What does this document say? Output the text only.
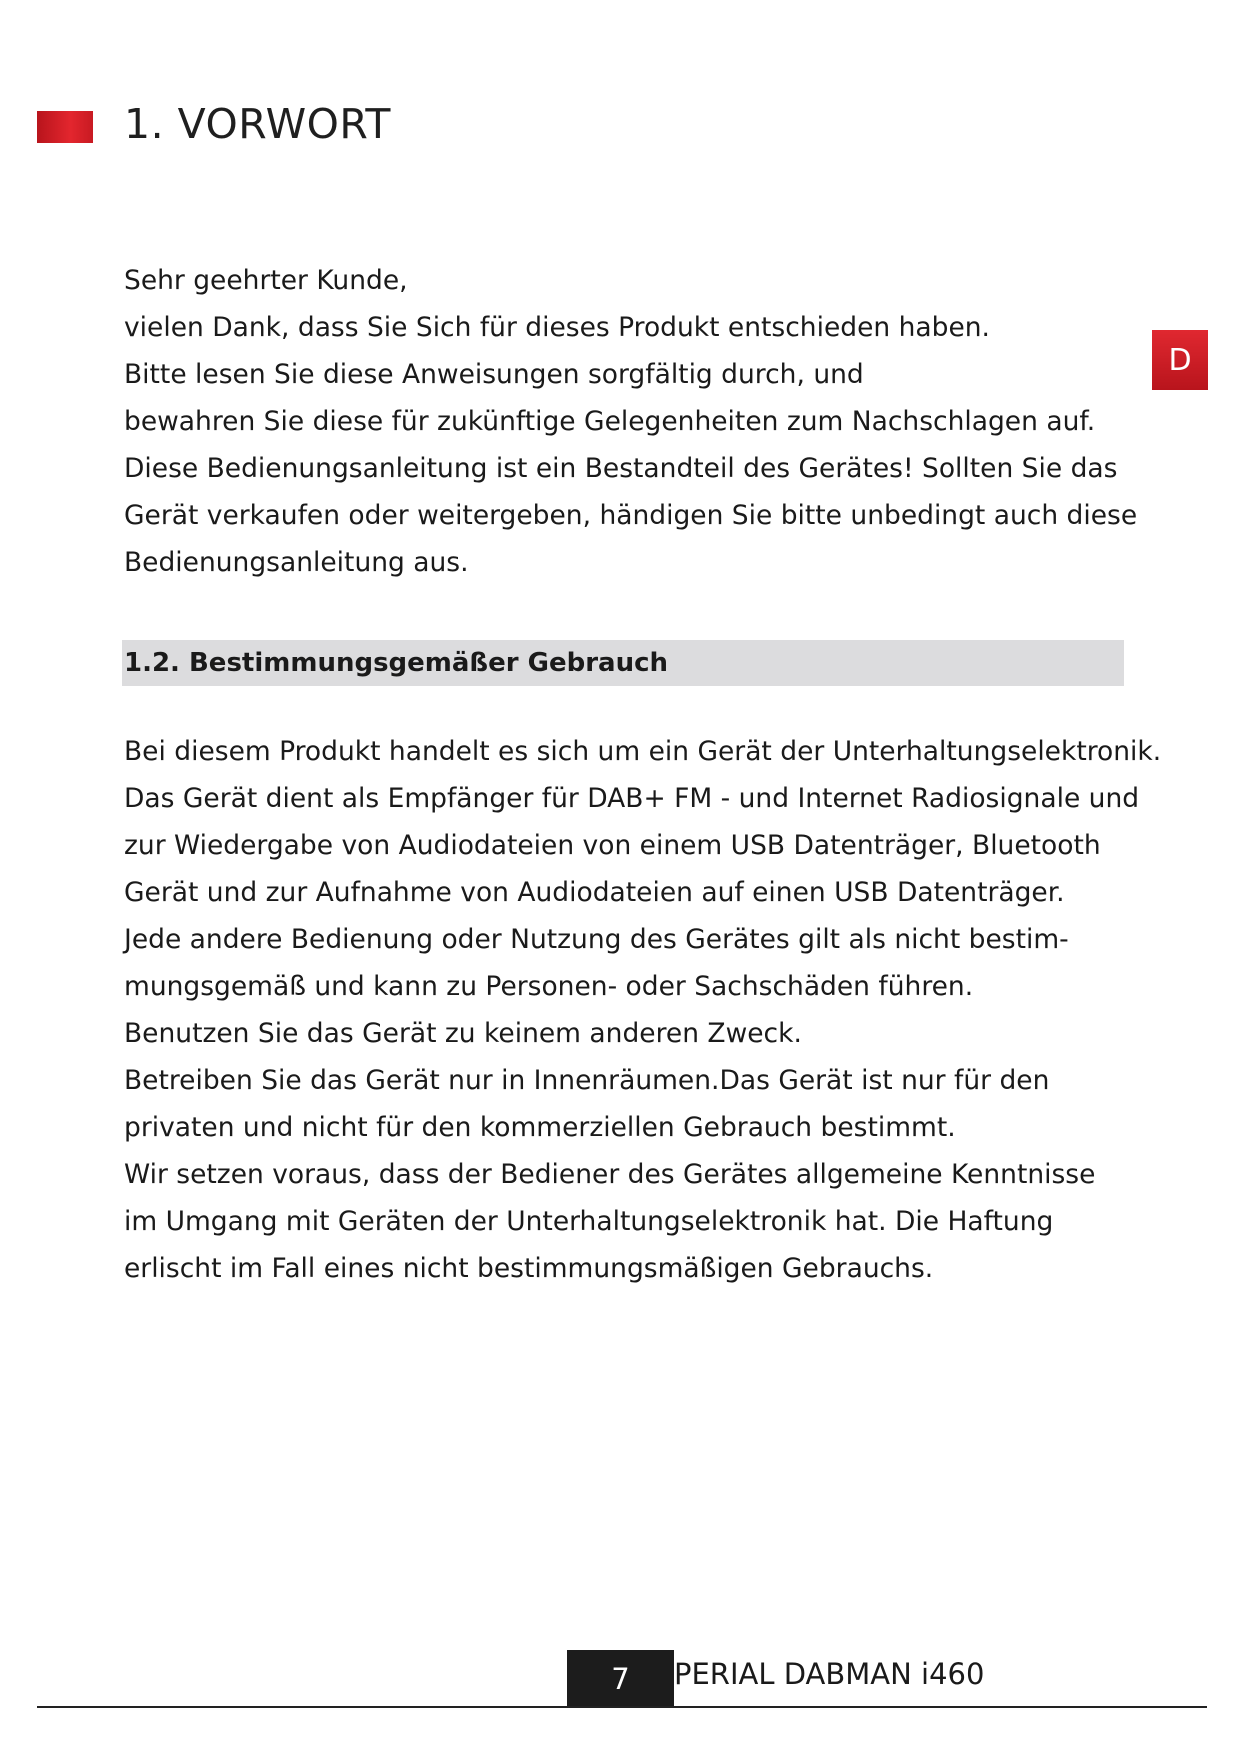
1. VORWORT
D
Sehr geehrter Kunde,
vielen Dank, dass Sie Sich für dieses Produkt entschieden haben.
Bitte lesen Sie diese Anweisungen sorgfältig durch, und
bewahren Sie diese für zukünftige Gelegenheiten zum Nachschlagen auf.
Diese Bedienungsanleitung ist ein Bestandteil des Gerätes! Sollten Sie das
Gerät verkaufen oder weitergeben, händigen Sie bitte unbedingt auch diese
Bedienungsanleitung aus.
1.2. Bestimmungsgemäßer Gebrauch
Bei diesem Produkt handelt es sich um ein Gerät der Unterhaltungselektronik.
Das Gerät dient als Empfänger für DAB+ FM - und Internet Radiosignale und
zur Wiedergabe von Audiodateien von einem USB Datenträger, Bluetooth
Gerät und zur Aufnahme von Audiodateien auf einen USB Datenträger.
Jede andere Bedienung oder Nutzung des Gerätes gilt als nicht bestim-
mungsgemäß und kann zu Personen- oder Sachschäden führen.
Benutzen Sie das Gerät zu keinem anderen Zweck.
Betreiben Sie das Gerät nur in Innenräumen.Das Gerät ist nur für den
privaten und nicht für den kommerziellen Gebrauch bestimmt.
Wir setzen voraus, dass der Bediener des Gerätes allgemeine Kenntnisse
im Umgang mit Geräten der Unterhaltungselektronik hat. Die Haftung
erlischt im Fall eines nicht bestimmungsmäßigen Gebrauchs.
7	PERIAL DABMAN i460
